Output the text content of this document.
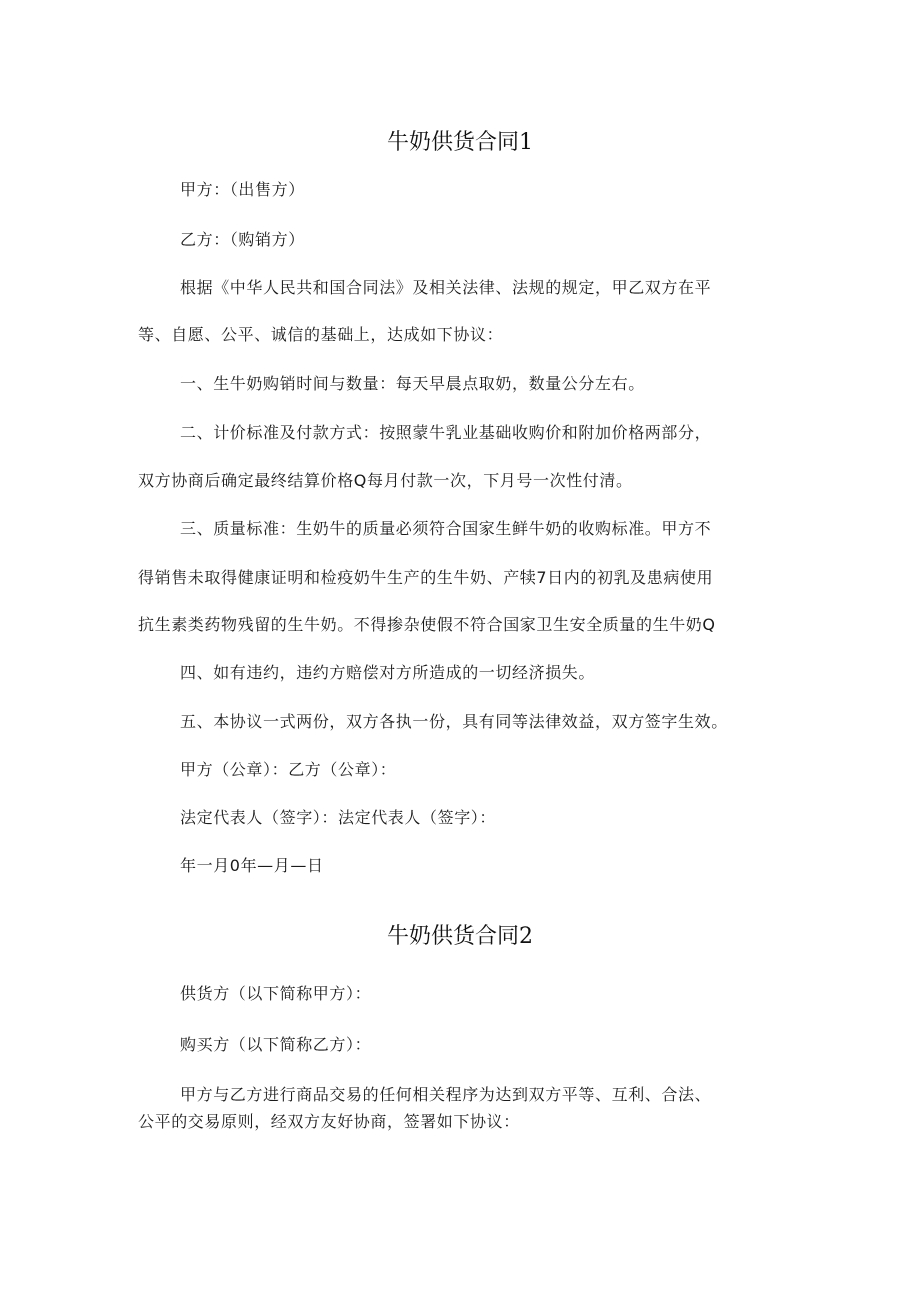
牛奶供货合同1
甲方：（出售方）
乙方：（购销方）
根据《中华人民共和国合同法》及相关法律、法规的规定，甲乙双方在平
等、自愿、公平、诚信的基础上，达成如下协议：
一、生牛奶购销时间与数量：每天早晨点取奶，数量公分左右。
二、计价标准及付款方式：按照蒙牛乳业基础收购价和附加价格两部分，
双方协商后确定最终结算价格Q每月付款一次，下月号一次性付清。
三、质量标准：生奶牛的质量必须符合国家生鲜牛奶的收购标准。甲方不
得销售未取得健康证明和检疫奶牛生产的生牛奶、产犊7日内的初乳及患病使用
抗生素类药物残留的生牛奶。不得掺杂使假不符合国家卫生安全质量的生牛奶Q
四、如有违约，违约方赔偿对方所造成的一切经济损失。
五、本协议一式两份，双方各执一份，具有同等法律效益，双方签字生效。
甲方（公章）：乙方（公章）：
法定代表人（签字）：法定代表人（签字）：
年一月0年—月—日
牛奶供货合同2
供货方（以下简称甲方）：
购买方（以下简称乙方）：
甲方与乙方进行商品交易的任何相关程序为达到双方平等、互利、合法、
公平的交易原则，经双方友好协商，签署如下协议：
